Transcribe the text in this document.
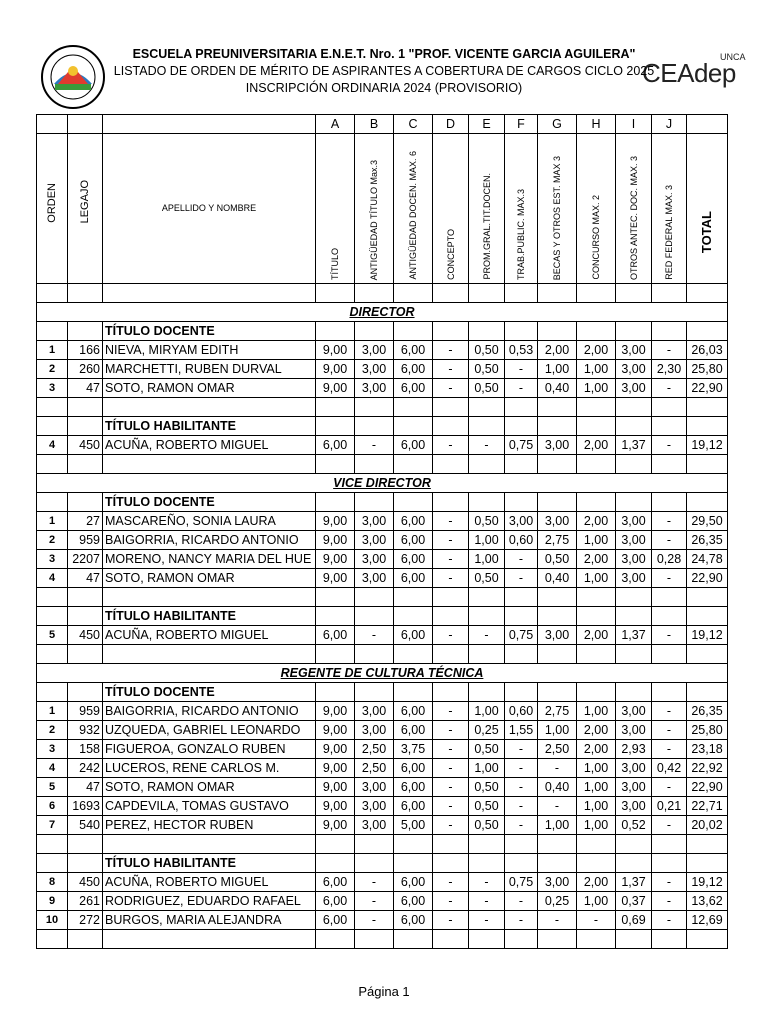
UNCA
CEAdep
ESCUELA PREUNIVERSITARIA E.N.E.T. Nro. 1 "PROF. VICENTE GARCIA AGUILERA"
LISTADO DE ORDEN DE MÉRITO DE ASPIRANTES A COBERTURA DE CARGOS CICLO 2025
INSCRIPCIÓN ORDINARIA 2024 (PROVISORIO)
			A	B	C	D	E	F	G	H	I	J	

ORDEN	LEGAJO	APELLIDO Y NOMBRE	TÍTULO	ANTIGÜEDAD TÍTULO Max.3	ANTIGÜEDAD DOCEN. MAX. 6	CONCEPTO	PROM.GRAL.TIT.DOCEN.	TRAB.PUBLIC. MAX.3	BECAS Y OTROS EST. MAX 3	CONCURSO MAX. 2	OTROS ANTEC. DOC. MAX. 3	RED FEDERAL MAX. 3	TOTAL

DIRECTOR													
		TÍTULO DOCENTE											
1	166	NIEVA, MIRYAM EDITH	9,00	3,00	6,00	-	0,50	0,53	2,00	2,00	3,00	-	26,03
2	260	MARCHETTI, RUBEN DURVAL	9,00	3,00	6,00	-	0,50	-	1,00	1,00	3,00	2,30	25,80
3	47	SOTO, RAMON OMAR	9,00	3,00	6,00	-	0,50	-	0,40	1,00	3,00	-	22,90

		TÍTULO HABILITANTE											
4	450	ACUÑA, ROBERTO MIGUEL	6,00	-	6,00	-	-	0,75	3,00	2,00	1,37	-	19,12

VICE DIRECTOR													
		TÍTULO DOCENTE											
1	27	MASCAREÑO, SONIA LAURA	9,00	3,00	6,00	-	0,50	3,00	3,00	2,00	3,00	-	29,50
2	959	BAIGORRIA, RICARDO ANTONIO	9,00	3,00	6,00	-	1,00	0,60	2,75	1,00	3,00	-	26,35
3	2207	MORENO, NANCY MARIA DEL HUE	9,00	3,00	6,00	-	1,00	-	0,50	2,00	3,00	0,28	24,78
4	47	SOTO, RAMON OMAR	9,00	3,00	6,00	-	0,50	-	0,40	1,00	3,00	-	22,90

		TÍTULO HABILITANTE											
5	450	ACUÑA, ROBERTO MIGUEL	6,00	-	6,00	-	-	0,75	3,00	2,00	1,37	-	19,12

REGENTE DE CULTURA TÉCNICA													
		TÍTULO DOCENTE											
1	959	BAIGORRIA, RICARDO ANTONIO	9,00	3,00	6,00	-	1,00	0,60	2,75	1,00	3,00	-	26,35
2	932	UZQUEDA, GABRIEL LEONARDO	9,00	3,00	6,00	-	0,25	1,55	1,00	2,00	3,00	-	25,80
3	158	FIGUEROA, GONZALO RUBEN	9,00	2,50	3,75	-	0,50	-	2,50	2,00	2,93	-	23,18
4	242	LUCEROS, RENE CARLOS M.	9,00	2,50	6,00	-	1,00	-	-	1,00	3,00	0,42	22,92
5	47	SOTO, RAMON OMAR	9,00	3,00	6,00	-	0,50	-	0,40	1,00	3,00	-	22,90
6	1693	CAPDEVILA, TOMAS GUSTAVO	9,00	3,00	6,00	-	0,50	-	-	1,00	3,00	0,21	22,71
7	540	PEREZ, HECTOR RUBEN	9,00	3,00	5,00	-	0,50	-	1,00	1,00	0,52	-	20,02

		TÍTULO HABILITANTE											
8	450	ACUÑA, ROBERTO MIGUEL	6,00	-	6,00	-	-	0,75	3,00	2,00	1,37	-	19,12
9	261	RODRIGUEZ, EDUARDO RAFAEL	6,00	-	6,00	-	-	-	0,25	1,00	0,37	-	13,62
10	272	BURGOS, MARIA ALEJANDRA	6,00	-	6,00	-	-	-	-	-	0,69	-	12,69

Página 1
